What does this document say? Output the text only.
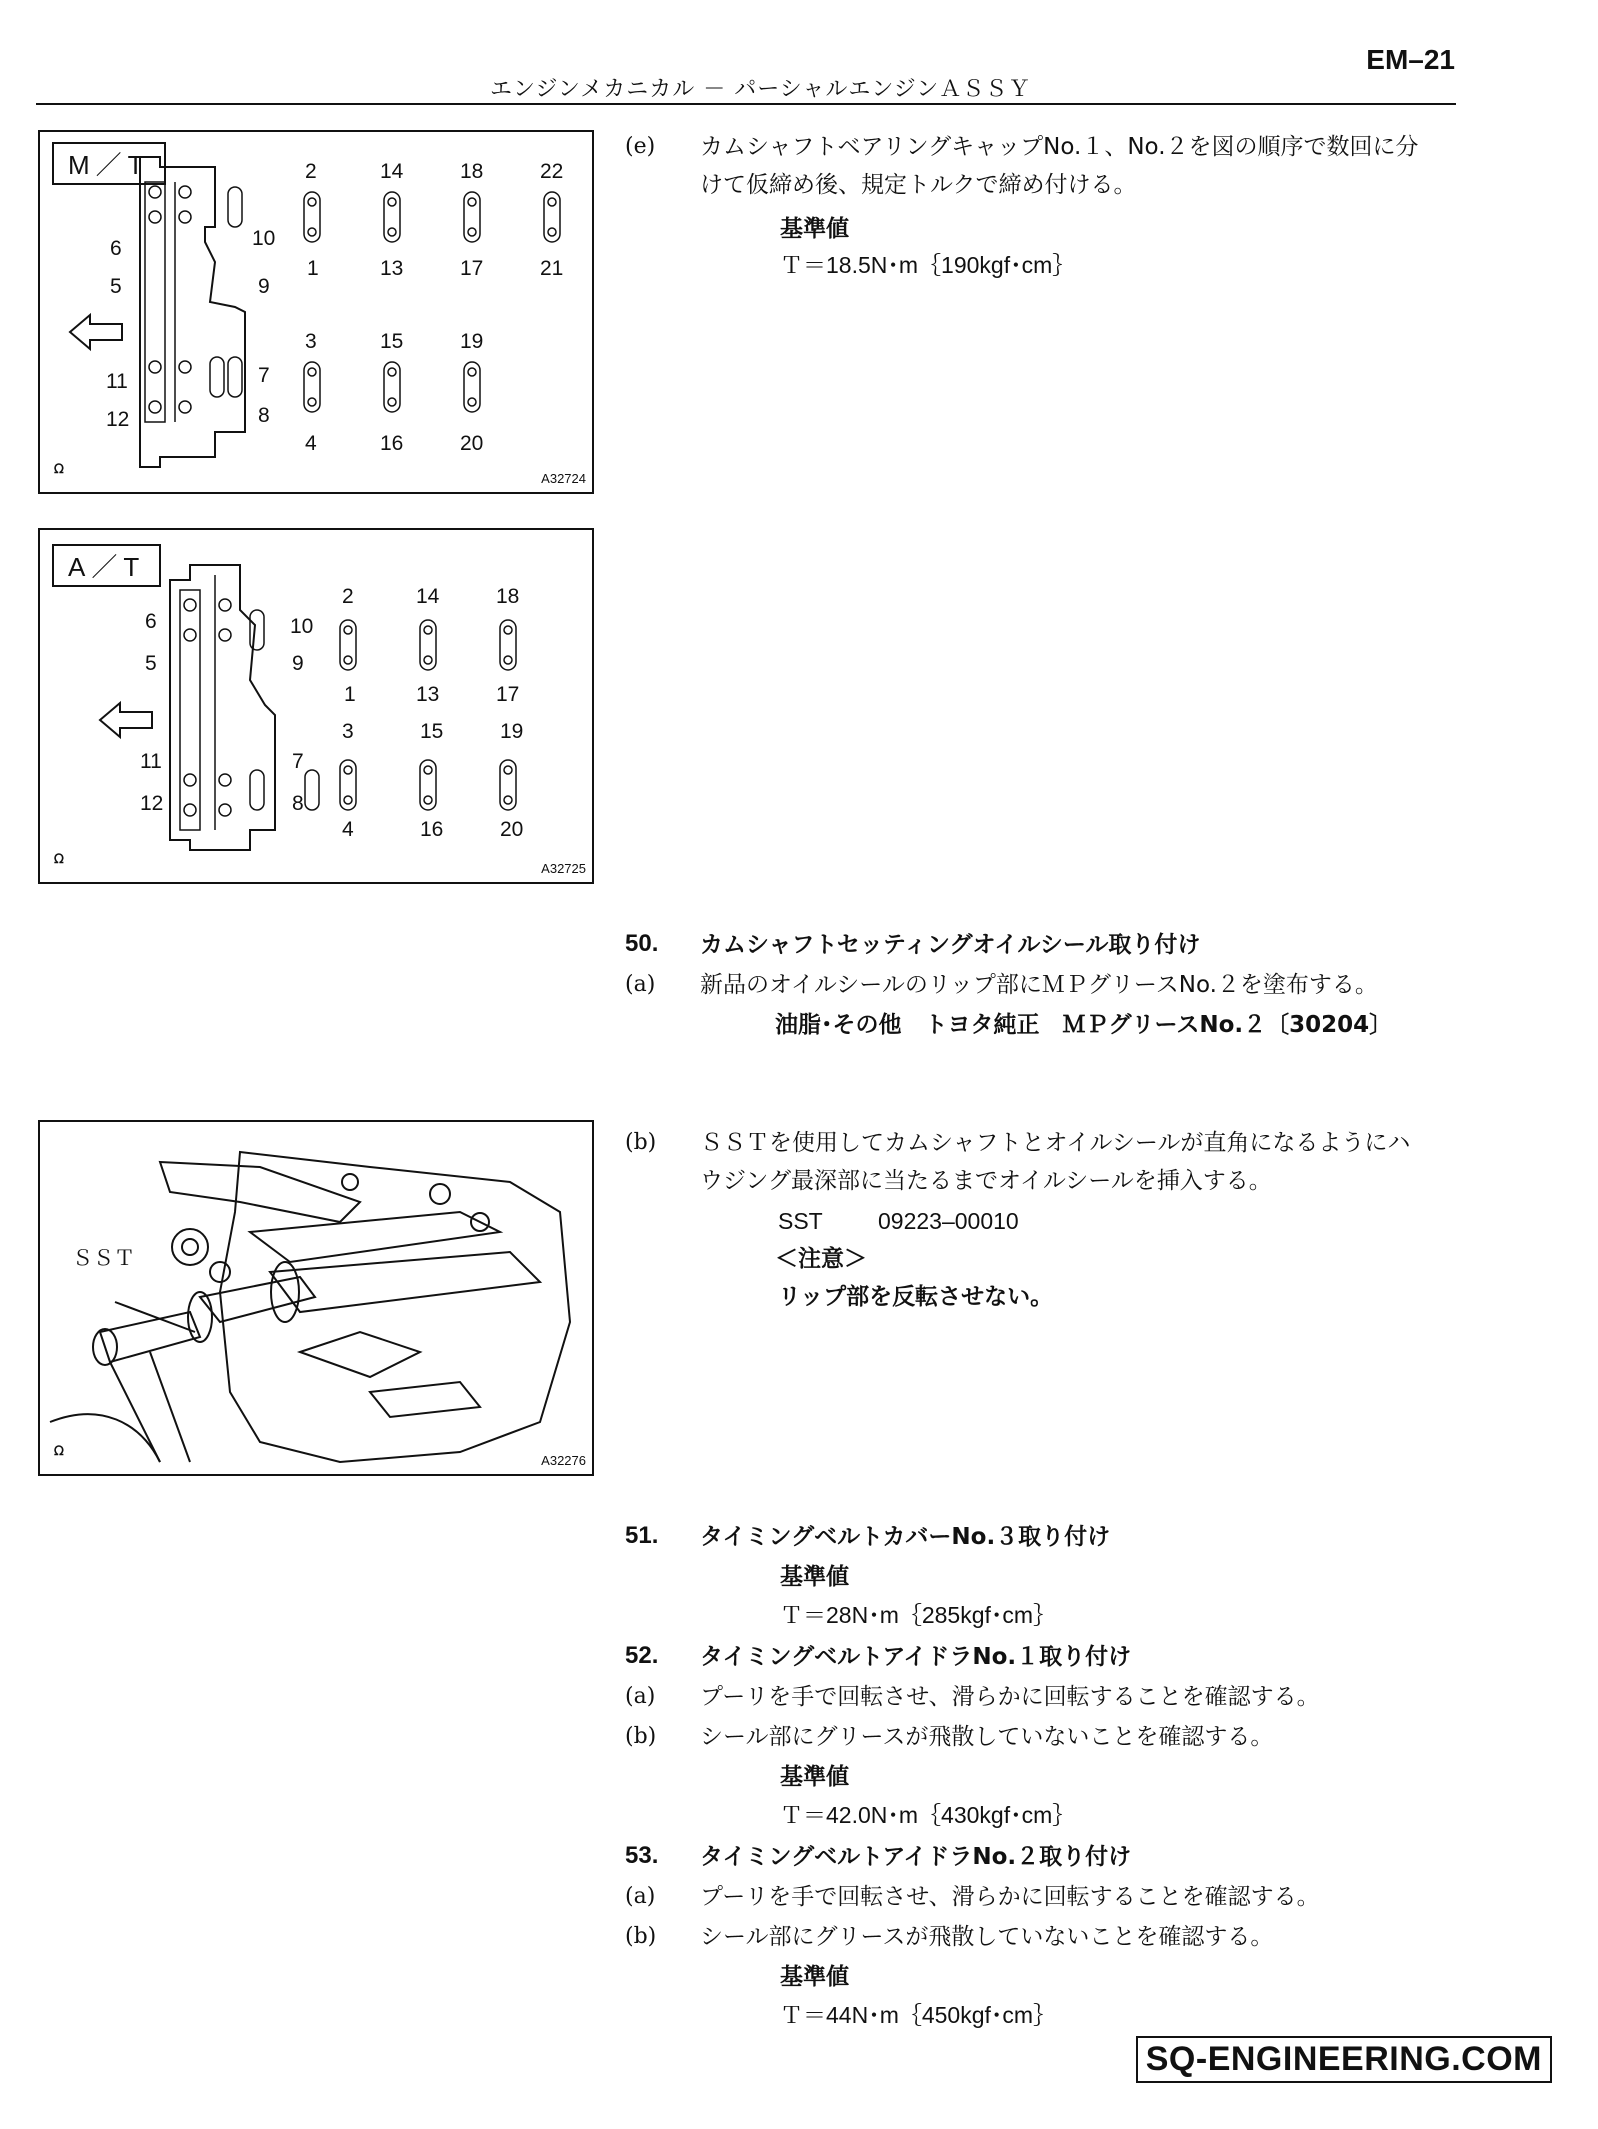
EM–21
エンジンメカニカル － パーシャルエンジンＡＳＳＹ
M／T
6
5
11
12
10
9
7
8
2	14	18	22
1	13	17	21
3	15	19
4	16	20
ᘯ
A32724
A／T
6
5
11
12
10
9
7
8
2	14	18
1	13	17
3	15	19
4	16	20
ᘯ
A32725
ＳＳＴ
ᘯ
A32276
(e) カムシャフトベアリングキャップNo.１、No.２を図の順序で数回に分
けて仮締め後、規定トルクで締め付ける。
基準値
Ｔ＝18.5N･m｛190kgf･cm｝
50. カムシャフトセッティングオイルシール取り付け
(a) 新品のオイルシールのリップ部にＭＰグリースNo.２を塗布する。
油脂･その他　トヨタ純正　ＭＰグリースNo.２〔30204〕
(b) ＳＳＴを使用してカムシャフトとオイルシールが直角になるようにハ
ウジング最深部に当たるまでオイルシールを挿入する。
SST 09223–00010
＜注意＞
リップ部を反転させない。
51. タイミングベルトカバーNo.３取り付け
基準値
Ｔ＝28N･m｛285kgf･cm｝
52. タイミングベルトアイドラNo.１取り付け
(a) プーリを手で回転させ、滑らかに回転することを確認する。
(b) シール部にグリースが飛散していないことを確認する。
基準値
Ｔ＝42.0N･m｛430kgf･cm｝
53. タイミングベルトアイドラNo.２取り付け
(a) プーリを手で回転させ、滑らかに回転することを確認する。
(b) シール部にグリースが飛散していないことを確認する。
基準値
Ｔ＝44N･m｛450kgf･cm｝
SQ-ENGINEERING.COM
